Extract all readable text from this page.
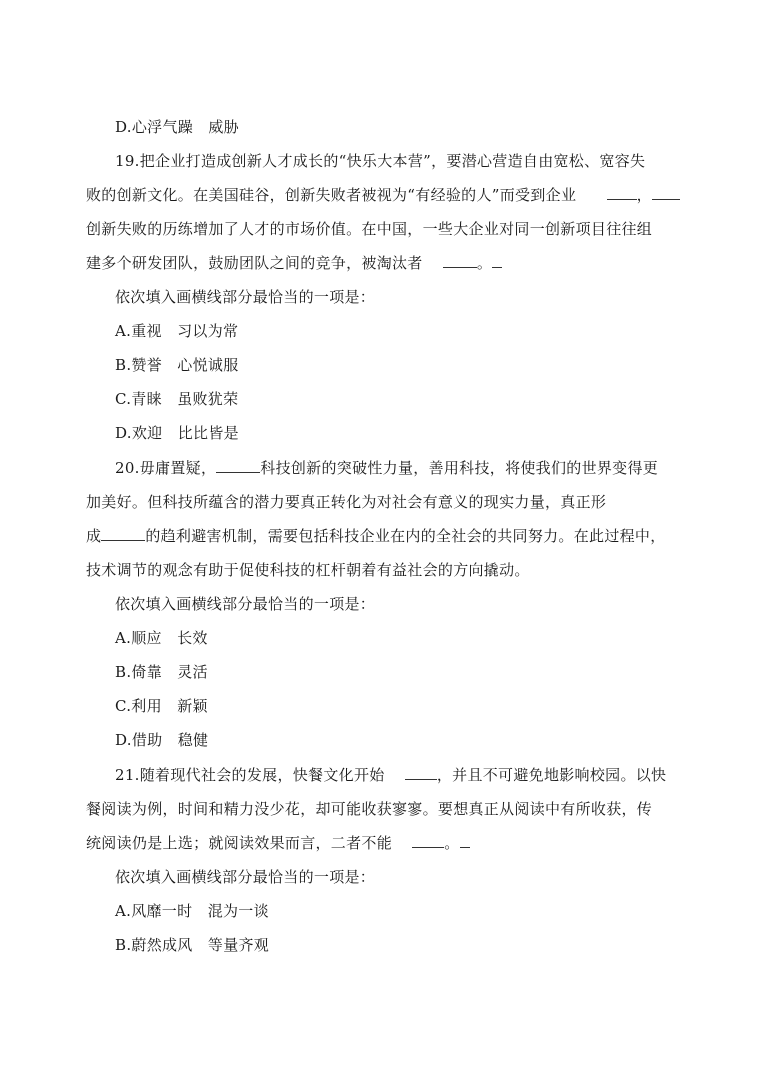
D.心浮气躁　威胁
19.把企业打造成创新人才成长的“快乐大本营”，要潜心营造自由宽松、宽容失
败的创新文化。在美国硅谷，创新失败者被视为“有经验的人”而受到企业	，
创新失败的历练增加了人才的市场价值。在中国，一些大企业对同一创新项目往往组
建多个研发团队，鼓励团队之间的竞争，被淘汰者	。
依次填入画横线部分最恰当的一项是：
A.重视　习以为常
B.赞誉　心悦诚服
C.青睐　虽败犹荣
D.欢迎　比比皆是
20.毋庸置疑，	科技创新的突破性力量，善用科技，将使我们的世界变得更
加美好。但科技所蕴含的潜力要真正转化为对社会有意义的现实力量，真正形
成	的趋利避害机制，需要包括科技企业在内的全社会的共同努力。在此过程中，
技术调节的观念有助于促使科技的杠杆朝着有益社会的方向撬动。
依次填入画横线部分最恰当的一项是：
A.顺应　长效
B.倚靠　灵活
C.利用　新颖
D.借助　稳健
21.随着现代社会的发展，快餐文化开始	，并且不可避免地影响校园。以快
餐阅读为例，时间和精力没少花，却可能收获寥寥。要想真正从阅读中有所收获，传
统阅读仍是上选；就阅读效果而言，二者不能	。
依次填入画横线部分最恰当的一项是：
A.风靡一时　混为一谈
B.蔚然成风　等量齐观
